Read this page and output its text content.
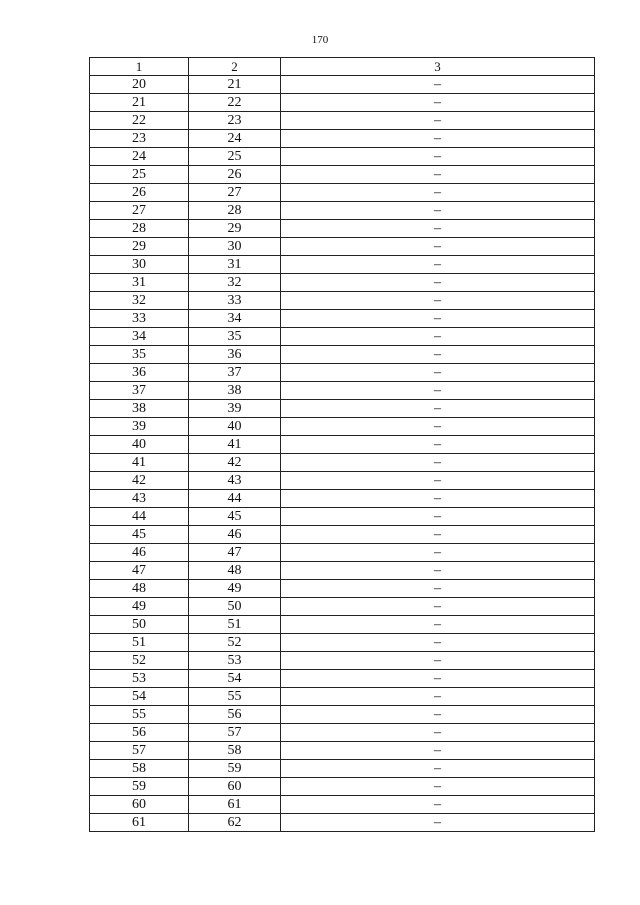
170
1	2	3
20	21	–
21	22	–
22	23	–
23	24	–
24	25	–
25	26	–
26	27	–
27	28	–
28	29	–
29	30	–
30	31	–
31	32	–
32	33	–
33	34	–
34	35	–
35	36	–
36	37	–
37	38	–
38	39	–
39	40	–
40	41	–
41	42	–
42	43	–
43	44	–
44	45	–
45	46	–
46	47	–
47	48	–
48	49	–
49	50	–
50	51	–
51	52	–
52	53	–
53	54	–
54	55	–
55	56	–
56	57	–
57	58	–
58	59	–
59	60	–
60	61	–
61	62	–
